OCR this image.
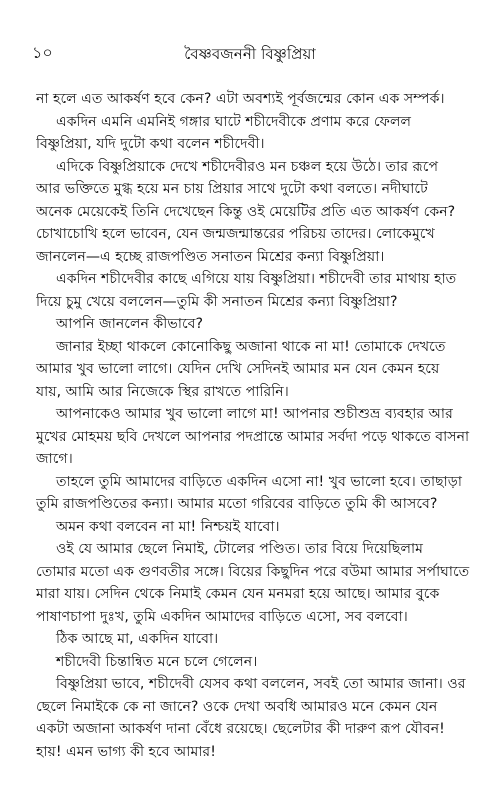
১০	বৈষ্ণবজননী বিষ্ণুপ্রিয়া
না হলে এত আকর্ষণ হবে কেন? এটা অবশ্যই পূর্বজন্মের কোন এক সম্পর্ক।
একদিন এমনি এমনিই গঙ্গার ঘাটে শচীদেবীকে প্রণাম করে ফেলল
বিষ্ণুপ্রিয়া, যদি দুটো কথা বলেন শচীদেবী।
এদিকে বিষ্ণুপ্রিয়াকে দেখে শচীদেবীরও মন চঞ্চল হয়ে উঠে। তার রূপে
আর ভক্তিতে মুগ্ধ হয়ে মন চায় প্রিয়ার সাথে দুটো কথা বলতে। নদীঘাটে
অনেক মেয়েকেই তিনি দেখেছেন কিন্তু ওই মেয়েটির প্রতি এত আকর্ষণ কেন?
চোখাচোখি হলে ভাবেন, যেন জন্মজন্মান্তরের পরিচয় তাদের। লোকেমুখে
জানলেন—এ হচ্ছে রাজপণ্ডিত সনাতন মিশ্রের কন্যা বিষ্ণুপ্রিয়া।
একদিন শচীদেবীর কাছে এগিয়ে যায় বিষ্ণুপ্রিয়া। শচীদেবী তার মাথায় হাত
দিয়ে চুমু খেয়ে বললেন—তুমি কী সনাতন মিশ্রের কন্যা বিষ্ণুপ্রিয়া?
আপনি জানলেন কীভাবে?
জানার ইচ্ছা থাকলে কোনোকিছু অজানা থাকে না মা! তোমাকে দেখতে
আমার খুব ভালো লাগে। যেদিন দেখি সেদিনই আমার মন যেন কেমন হয়ে
যায়, আমি আর নিজেকে স্থির রাখতে পারিনি।
আপনাকেও আমার খুব ভালো লাগে মা! আপনার শুচীশুভ্র ব্যবহার আর
মুখের মোহময় ছবি দেখলে আপনার পদপ্রান্তে আমার সর্বদা পড়ে থাকতে বাসনা
জাগে।
তাহলে তুমি আমাদের বাড়িতে একদিন এসো না! খুব ভালো হবে। তাছাড়া
তুমি রাজপণ্ডিতের কন্যা। আমার মতো গরিবের বাড়িতে তুমি কী আসবে?
অমন কথা বলবেন না মা! নিশ্চয়ই যাবো।
ওই যে আমার ছেলে নিমাই, টোলের পণ্ডিত। তার বিয়ে দিয়েছিলাম
তোমার মতো এক গুণবতীর সঙ্গে। বিয়ের কিছুদিন পরে বউমা আমার সর্পাঘাতে
মারা যায়। সেদিন থেকে নিমাই কেমন যেন মনমরা হয়ে আছে। আমার বুকে
পাষাণচাপা দুঃখ, তুমি একদিন আমাদের বাড়িতে এসো, সব বলবো।
ঠিক আছে মা, একদিন যাবো।
শচীদেবী চিন্তান্বিত মনে চলে গেলেন।
বিষ্ণুপ্রিয়া ভাবে, শচীদেবী যেসব কথা বললেন, সবই তো আমার জানা। ওর
ছেলে নিমাইকে কে না জানে? ওকে দেখা অবধি আমারও মনে কেমন যেন
একটা অজানা আকর্ষণ দানা বেঁধে রয়েছে। ছেলেটার কী দারুণ রূপ যৌবন!
হায়! এমন ভাগ্য কী হবে আমার!
